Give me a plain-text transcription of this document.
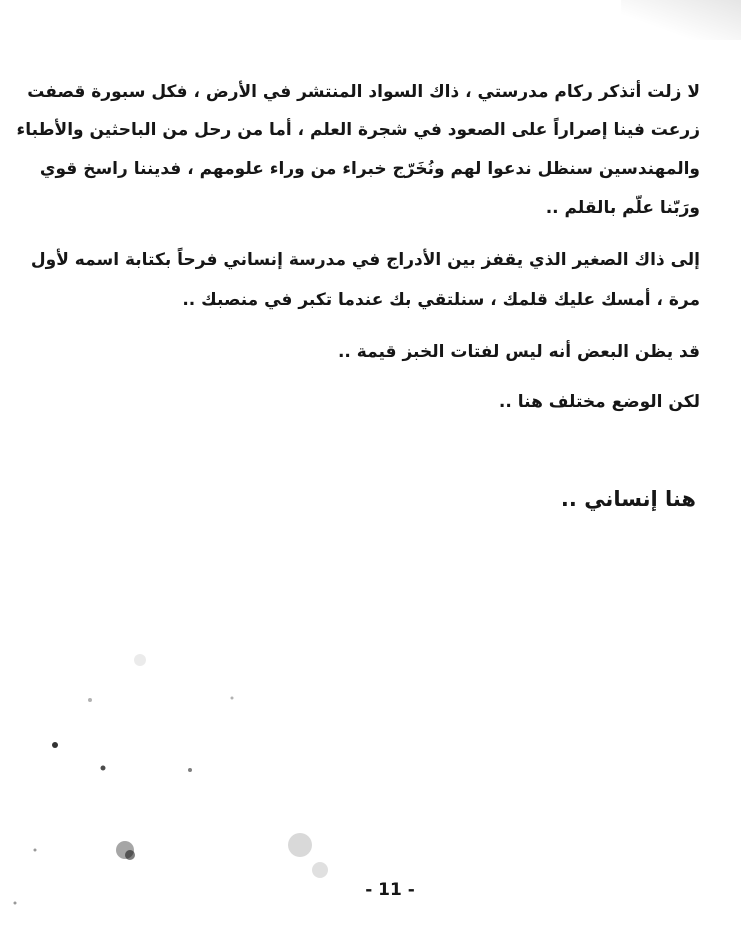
لا زلت أتذكر ركام مدرستي ، ذاك السواد المنتشر في الأرض ، فكل سبورة قصفت
زرعت فينا إصراراً على الصعود في شجرة العلم ، أما من رحل من الباحثين والأطباء
والمهندسين سنظل ندعوا لهم ونُخَرّج خبراء من وراء علومهم ، فديننا راسخ قوي
ورَبّنا علّم بالقلم ..
إلى ذاك الصغير الذي يقفز بين الأدراج في مدرسة إنساني فرحاً بكتابة اسمه لأول
مرة ، أمسك عليك قلمك ، سنلتقي بك عندما تكبر في منصبك ..
قد يظن البعض أنه ليس لفتات الخبز قيمة ..
لكن الوضع مختلف هنا ..
هنا إنساني ..
- 11 -
